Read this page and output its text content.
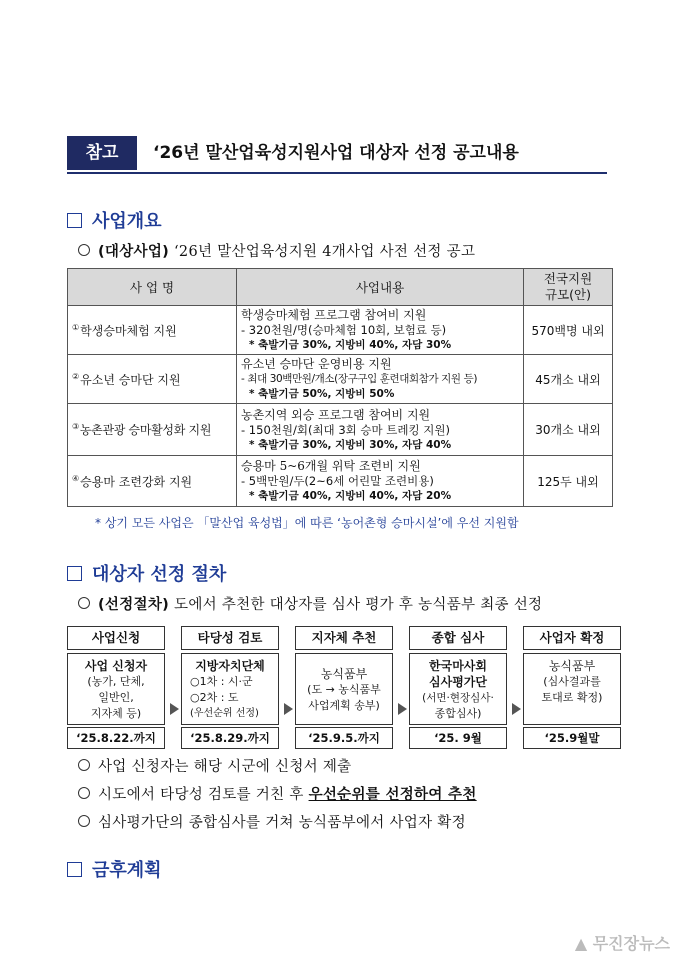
참고	‘26년 말산업육성지원사업 대상자 선정 공고내용
사업개요
(대상사업) ‘26년 말산업육성지원 4개사업 사전 선정 공고
사 업 명	사업내용	전국지원
규모(안)

①학생승마체험 지원	학생승마체험 프로그램 참여비 지원
- 320천원/명(승마체험 10회, 보험료 등)
* 축발기금 30%, 지방비 40%, 자담 30%	570백명 내외
②유소년 승마단 지원	유소년 승마단 운영비용 지원
- 최대 30백만원/개소(장구구입 훈련대회참가 지원 등)
* 축발기금 50%, 지방비 50%	45개소 내외
③농촌관광 승마활성화 지원	농촌지역 외승 프로그램 참여비 지원
- 150천원/회(최대 3회 승마 트레킹 지원)
* 축발기금 30%, 지방비 30%, 자담 40%	30개소 내외
④승용마 조련강화 지원	승용마 5~6개월 위탁 조련비 지원
- 5백만원/두(2~6세 어린말 조련비용)
* 축발기금 40%, 지방비 40%, 자담 20%	125두 내외
* 상기 모든 사업은 「말산업 육성법」에 따른 ‘농어촌형 승마시설’에 우선 지원함
대상자 선정 절차
(선정절차) 도에서 추천한 대상자를 심사 평가 후 농식품부 최종 선정
사업신청
사업 신청자
(농가, 단체,
일반인,
지자체 등)
‘25.8.22.까지
타당성 검토
지방자치단체
○1차 : 시·군
○2차 : 도
(우선순위 선정)
‘25.8.29.까지
지자체 추천
농식품부
(도 → 농식품부
사업계획 송부)
‘25.9.5.까지
종합 심사
한국마사회
심사평가단
(서면·현장심사·
종합심사)
‘25. 9월
사업자 확정
농식품부
(심사결과를
토대로 확정)
‘25.9월말
사업 신청자는 해당 시군에 신청서 제출
시도에서 타당성 검토를 거친 후 우선순위를 선정하여 추천
심사평가단의 종합심사를 거쳐 농식품부에서 사업자 확정
금후계획
▲ 무진장뉴스
